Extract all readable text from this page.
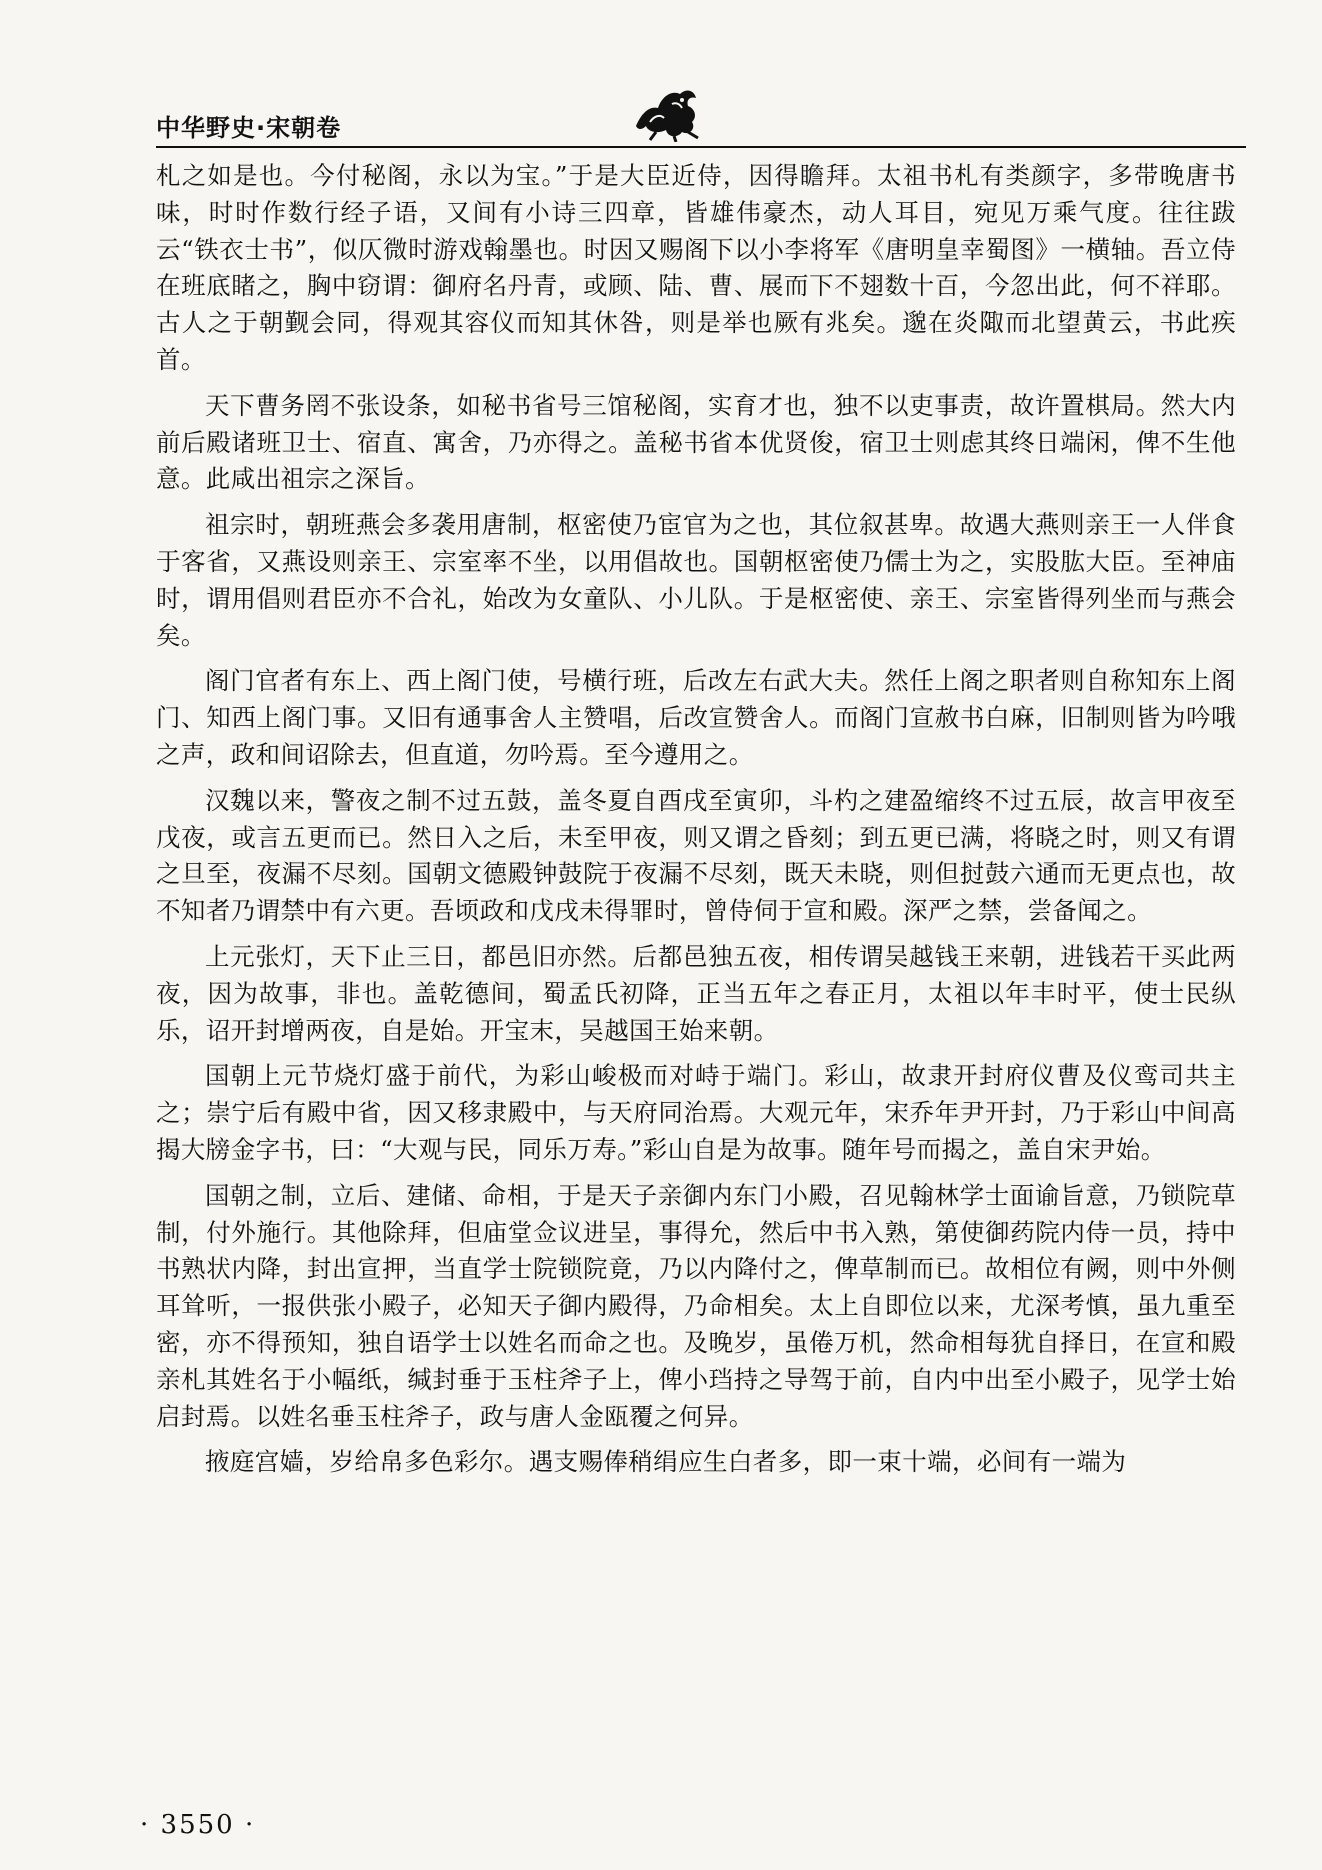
中华野史·宋朝卷

札之如是也。今付秘阁，永以为宝。”于是大臣近侍，因得瞻拜。太祖书札有类颜字，多带晚唐书味，时时作数行经子语，又间有小诗三四章，皆雄伟豪杰，动人耳目，宛见万乘气度。往往跋云“铁衣士书”，似仄微时游戏翰墨也。时因又赐阁下以小李将军《唐明皇幸蜀图》一横轴。吾立侍在班底睹之，胸中窃谓：御府名丹青，或顾、陆、曹、展而下不翅数十百，今忽出此，何不祥耶。古人之于朝觐会同，得观其容仪而知其休咎，则是举也厥有兆矣。邈在炎陬而北望黄云，书此疾首。

天下曹务罔不张设条，如秘书省号三馆秘阁，实育才也，独不以吏事责，故许置棋局。然大内前后殿诸班卫士、宿直、寓舍，乃亦得之。盖秘书省本优贤俊，宿卫士则虑其终日端闲，俾不生他意。此咸出祖宗之深旨。

祖宗时，朝班燕会多袭用唐制，枢密使乃宦官为之也，其位叙甚卑。故遇大燕则亲王一人伴食于客省，又燕设则亲王、宗室率不坐，以用倡故也。国朝枢密使乃儒士为之，实股肱大臣。至神庙时，谓用倡则君臣亦不合礼，始改为女童队、小儿队。于是枢密使、亲王、宗室皆得列坐而与燕会矣。

阁门官者有东上、西上阁门使，号横行班，后改左右武大夫。然任上阁之职者则自称知东上阁门、知西上阁门事。又旧有通事舍人主赞唱，后改宣赞舍人。而阁门宣赦书白麻，旧制则皆为吟哦之声，政和间诏除去，但直道，勿吟焉。至今遵用之。

汉魏以来，警夜之制不过五鼓，盖冬夏自酉戌至寅卯，斗杓之建盈缩终不过五辰，故言甲夜至戊夜，或言五更而已。然日入之后，未至甲夜，则又谓之昏刻；到五更已满，将晓之时，则又有谓之旦至，夜漏不尽刻。国朝文德殿钟鼓院于夜漏不尽刻，既天未晓，则但挝鼓六通而无更点也，故不知者乃谓禁中有六更。吾顷政和戊戌未得罪时，曾侍伺于宣和殿。深严之禁，尝备闻之。

上元张灯，天下止三日，都邑旧亦然。后都邑独五夜，相传谓吴越钱王来朝，进钱若干买此两夜，因为故事，非也。盖乾德间，蜀孟氏初降，正当五年之春正月，太祖以年丰时平，使士民纵乐，诏开封增两夜，自是始。开宝末，吴越国王始来朝。

国朝上元节烧灯盛于前代，为彩山峻极而对峙于端门。彩山，故隶开封府仪曹及仪鸾司共主之；崇宁后有殿中省，因又移隶殿中，与天府同治焉。大观元年，宋乔年尹开封，乃于彩山中间高揭大牓金字书，曰：“大观与民，同乐万寿。”彩山自是为故事。随年号而揭之，盖自宋尹始。

国朝之制，立后、建储、命相，于是天子亲御内东门小殿，召见翰林学士面谕旨意，乃锁院草制，付外施行。其他除拜，但庙堂佥议进呈，事得允，然后中书入熟，第使御药院内侍一员，持中书熟状内降，封出宣押，当直学士院锁院竟，乃以内降付之，俾草制而已。故相位有阙，则中外侧耳耸听，一报供张小殿子，必知天子御内殿得，乃命相矣。太上自即位以来，尤深考慎，虽九重至密，亦不得预知，独自语学士以姓名而命之也。及晚岁，虽倦万机，然命相每犹自择日，在宣和殿亲札其姓名于小幅纸，缄封垂于玉柱斧子上，俾小珰持之导驾于前，自内中出至小殿子，见学士始启封焉。以姓名垂玉柱斧子，政与唐人金瓯覆之何异。

掖庭宫嫱，岁给帛多色彩尔。遇支赐俸稍绢应生白者多，即一束十端，必间有一端为

· 3550 ·
